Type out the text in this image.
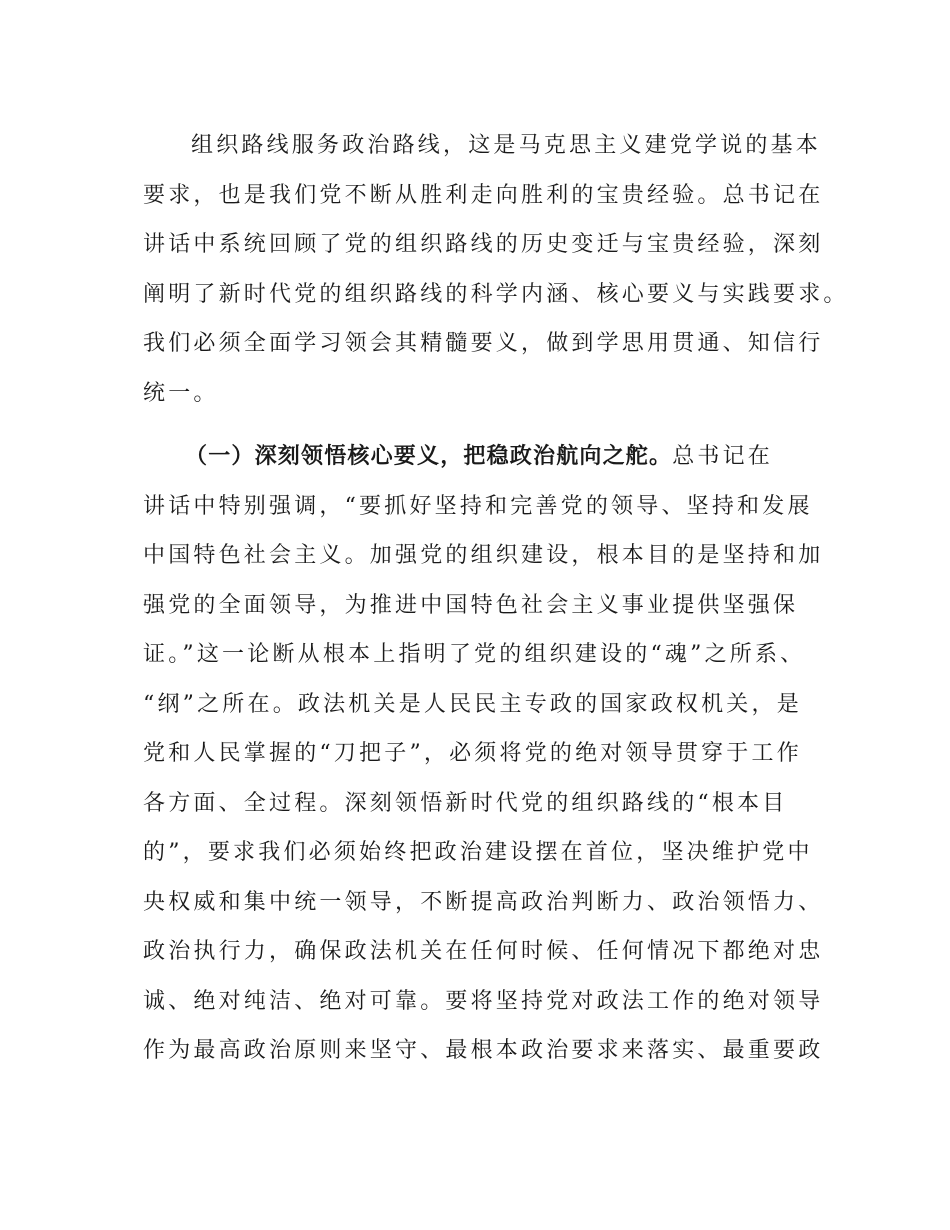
组织路线服务政治路线，这是马克思主义建党学说的基本
要求，也是我们党不断从胜利走向胜利的宝贵经验。总书记在
讲话中系统回顾了党的组织路线的历史变迁与宝贵经验，深刻
阐明了新时代党的组织路线的科学内涵、核心要义与实践要求。
我们必须全面学习领会其精髓要义，做到学思用贯通、知信行
统一。
（一）深刻领悟核心要义，把稳政治航向之舵。总书记在
讲话中特别强调，“要抓好坚持和完善党的领导、坚持和发展
中国特色社会主义。加强党的组织建设，根本目的是坚持和加
强党的全面领导，为推进中国特色社会主义事业提供坚强保
证。”这一论断从根本上指明了党的组织建设的“魂”之所系、
“纲”之所在。政法机关是人民民主专政的国家政权机关，是
党和人民掌握的“刀把子”，必须将党的绝对领导贯穿于工作
各方面、全过程。深刻领悟新时代党的组织路线的“根本目
的”，要求我们必须始终把政治建设摆在首位，坚决维护党中
央权威和集中统一领导，不断提高政治判断力、政治领悟力、
政治执行力，确保政法机关在任何时候、任何情况下都绝对忠
诚、绝对纯洁、绝对可靠。要将坚持党对政法工作的绝对领导
作为最高政治原则来坚守、最根本政治要求来落实、最重要政
